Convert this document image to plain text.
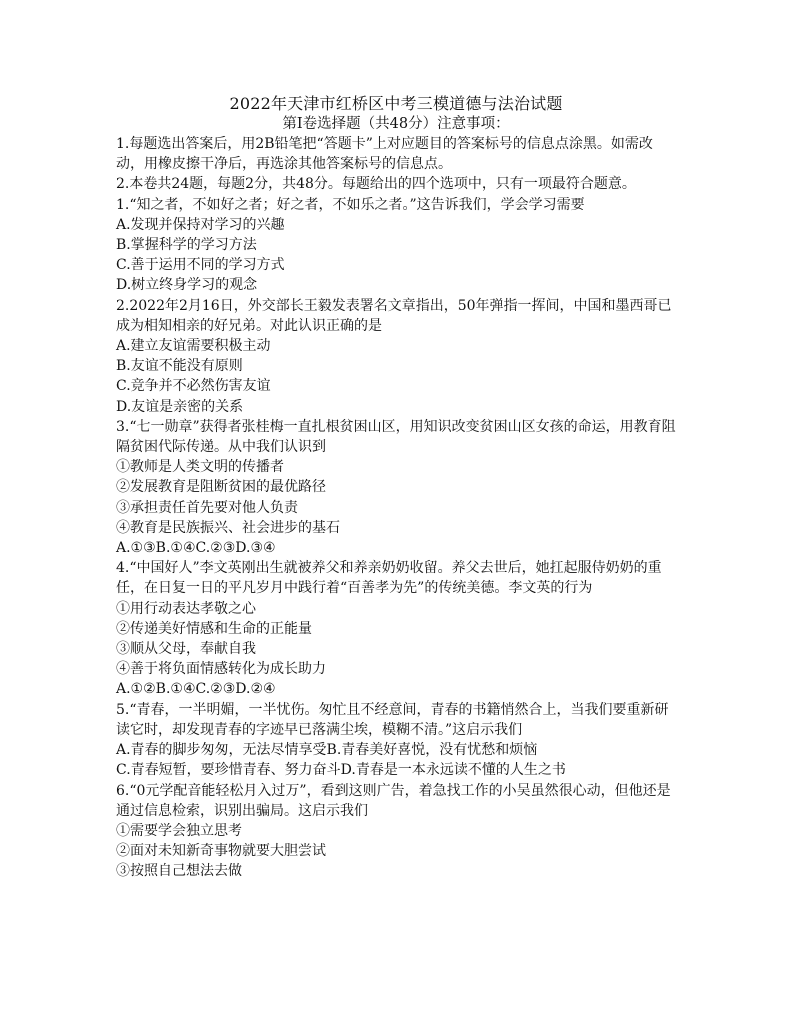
2022年天津市红桥区中考三模道德与法治试题

第Ⅰ卷选择题（共48分）注意事项：

1.每题选出答案后，用2B铅笔把“答题卡”上对应题目的答案标号的信息点涂黑。如需改动，用橡皮擦干净后，再选涂其他答案标号的信息点。

2.本卷共24题，每题2分，共48分。每题给出的四个选项中，只有一项最符合题意。

1.“知之者，不如好之者；好之者，不如乐之者。”这告诉我们，学会学习需要

A.发现并保持对学习的兴趣

B.掌握科学的学习方法

C.善于运用不同的学习方式

D.树立终身学习的观念

2.2022年2月16日，外交部长王毅发表署名文章指出，50年弹指一挥间，中国和墨西哥已成为相知相亲的好兄弟。对此认识正确的是

A.建立友谊需要积极主动

B.友谊不能没有原则

C.竞争并不必然伤害友谊

D.友谊是亲密的关系

3.“七一勋章”获得者张桂梅一直扎根贫困山区，用知识改变贫困山区女孩的命运，用教育阻隔贫困代际传递。从中我们认识到

①教师是人类文明的传播者

②发展教育是阻断贫困的最优路径

③承担责任首先要对他人负责

④教育是民族振兴、社会进步的基石

A.①③B.①④C.②③D.③④

4.“中国好人”李文英刚出生就被养父和养亲奶奶收留。养父去世后，她扛起服侍奶奶的重任，在日复一日的平凡岁月中践行着“百善孝为先”的传统美德。李文英的行为

①用行动表达孝敬之心

②传递美好情感和生命的正能量

③顺从父母，奉献自我

④善于将负面情感转化为成长助力

A.①②B.①④C.②③D.②④

5.“青春，一半明媚，一半忧伤。匆忙且不经意间，青春的书籍悄然合上，当我们要重新研读它时，却发现青春的字迹早已落满尘埃，模糊不清。”这启示我们

A.青春的脚步匆匆，无法尽情享受B.青春美好喜悦，没有忧愁和烦恼

C.青春短暂，要珍惜青春、努力奋斗D.青春是一本永远读不懂的人生之书

6.“0元学配音能轻松月入过万”，看到这则广告，着急找工作的小吴虽然很心动，但他还是通过信息检索，识别出骗局。这启示我们

①需要学会独立思考

②面对未知新奇事物就要大胆尝试

③按照自己想法去做
